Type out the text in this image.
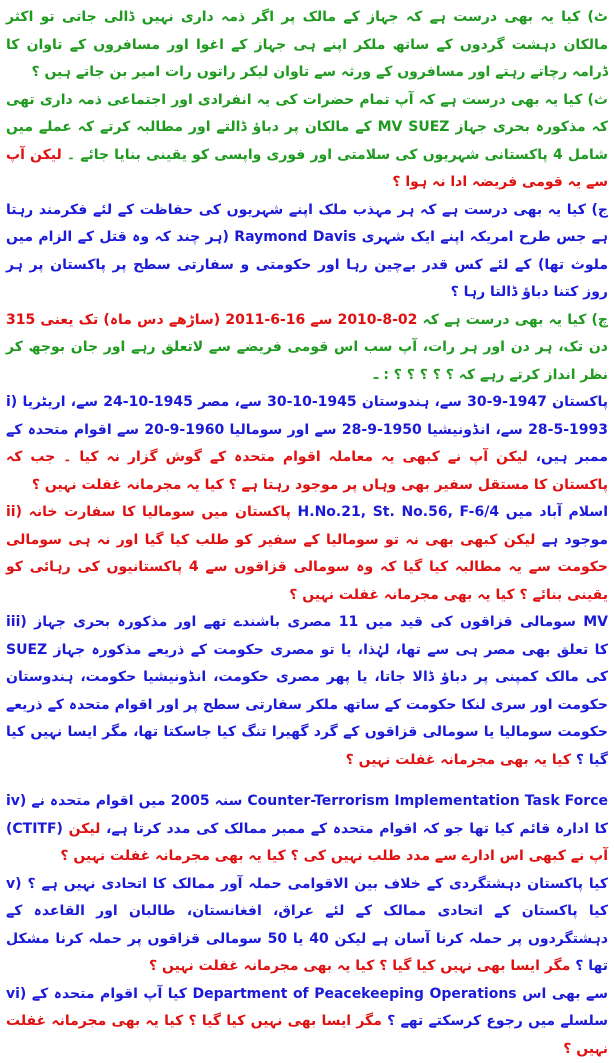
ٹ) کیا یہ بھی درست ہے کہ جہاز کے مالک پر اگر ذمہ داری نہیں ڈالی جاتی تو اکثر مالکان دہشت گردوں کے ساتھ ملکر اپنے ہی جہاز کے اغوا اور مسافروں کے تاوان کا ڈرامہ رچاتے رہتے اور مسافروں کے ورثہ سے تاوان لیکر راتوں رات امیر بن جاتے ہیں ؟

ث) کیا یہ بھی درست ہے کہ آپ تمام حضرات کی یہ انفرادی اور اجتماعی ذمہ داری تھی کہ مذکورہ بحری جہاز MV SUEZ کے مالکان پر دباؤ ڈالتے اور مطالبہ کرتے کہ عملے میں شامل 4 پاکستانی شہریوں کی سلامتی اور فوری واپسی کو یقینی بنایا جائے ۔ لیکن آپ سے یہ قومی فریضہ ادا نہ ہوا ؟

ج) کیا یہ بھی درست ہے کہ ہر مہذب ملک اپنے شہریوں کی حفاظت کے لئے فکرمند رہتا ہے جس طرح امریکہ اپنے ایک شہری Raymond Davis (ہر چند کہ وہ قتل کے الزام میں ملوث تھا) کے لئے کس قدر بےچین رہا اور حکومتی و سفارتی سطح پر پاکستان پر ہر روز کتنا دباؤ ڈالتا رہا ؟

چ) کیا یہ بھی درست ہے کہ 02-8-2010 سے 16-6-2011 (ساڑھے دس ماہ) تک یعنی 315 دن تک، ہر دن اور ہر رات، آپ سب اس قومی فریضے سے لاتعلق رہے اور جان بوجھ کر نظر انداز کرتے رہے کہ ؟ ؟ ؟ ؟ ؟ : ـ

i) پاکستان 1947-9-30 سے، ہندوستان 1945-10-30 سے، مصر 1945-10-24 سے، اریٹریا 1993-5-28 سے، انڈونیشیا 1950-9-28 سے اور سومالیا 1960-9-20 سے اقوام متحدہ کے ممبر ہیں، لیکن آپ نے کبھی یہ معاملہ اقوام متحدہ کے گوش گزار نہ کیا ۔ جب کہ پاکستان کا مستقل سفیر بھی وہاں پر موجود رہتا ہے ؟ کیا یہ مجرمانہ غفلت نہیں ؟

ii) پاکستان میں سومالیا کا سفارت خانہ H.No.21, St. No.56, F-6/4 اسلام آباد میں موجود ہے لیکن کبھی بھی نہ تو سومالیا کے سفیر کو طلب کیا گیا اور نہ ہی سومالی حکومت سے یہ مطالبہ کیا گیا کہ وہ سومالی قزاقوں سے 4 پاکستانیوں کی رہائی کو یقینی بنائے ؟ کیا یہ بھی مجرمانہ غفلت نہیں ؟

iii) سومالی قزاقوں کی قید میں 11 مصری باشندے تھے اور مذکورہ بحری جہاز MV SUEZ کا تعلق بھی مصر ہی سے تھا، لہٰذا، یا تو مصری حکومت کے ذریعے مذکورہ جہاز کی مالک کمپنی پر دباؤ ڈالا جاتا، یا پھر مصری حکومت، انڈونیشیا حکومت، ہندوستان حکومت اور سری لنکا حکومت کے ساتھ ملکر سفارتی سطح پر اور اقوام متحدہ کے ذریعے حکومت سومالیا یا سومالی قزاقوں کے گرد گھیرا تنگ کیا جاسکتا تھا، مگر ایسا نہیں کیا گیا ؟ کیا یہ بھی مجرمانہ غفلت نہیں ؟

iv) سنہ 2005 میں اقوام متحدہ نے Counter-Terrorism Implementation Task Force (CTITF) کا ادارہ قائم کیا تھا جو کہ اقوام متحدہ کے ممبر ممالک کی مدد کرتا ہے، لیکن آپ نے کبھی اس ادارے سے مدد طلب نہیں کی ؟ کیا یہ بھی مجرمانہ غفلت نہیں ؟

v) کیا پاکستان دہشتگردی کے خلاف بین الاقوامی حملہ آور ممالک کا اتحادی نہیں ہے ؟ کیا پاکستان کے اتحادی ممالک کے لئے عراق، افغانستان، طالبان اور القاعدہ کے دہشتگردوں پر حملہ کرنا آسان ہے لیکن 40 یا 50 سومالی قزاقوں پر حملہ کرنا مشکل تھا ؟ مگر ایسا بھی نہیں کیا گیا ؟ کیا یہ بھی مجرمانہ غفلت نہیں ؟

vi) کیا آپ اقوام متحدہ کے Department of Peacekeeping Operations سے بھی اس سلسلے میں رجوع کرسکتے تھے ؟ مگر ایسا بھی نہیں کیا گیا ؟ کیا یہ بھی مجرمانہ غفلت نہیں ؟
